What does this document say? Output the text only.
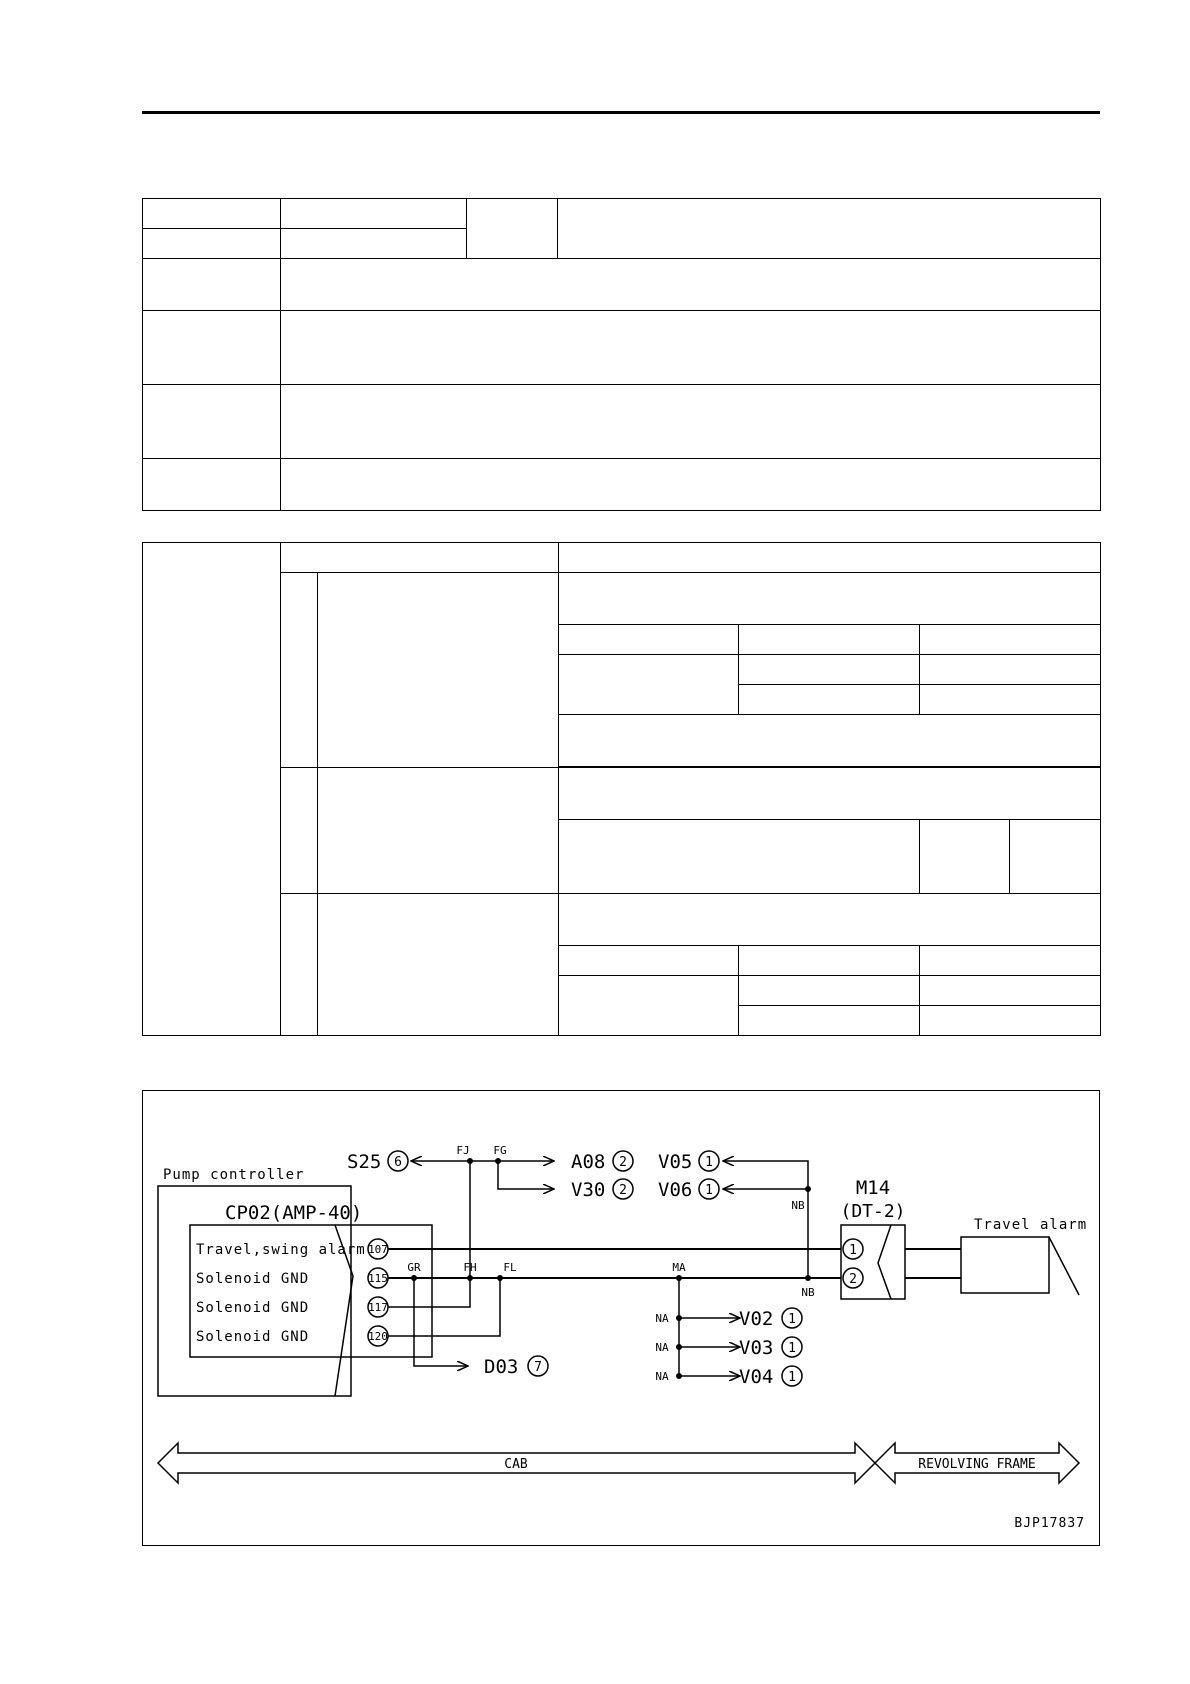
Pump controller
CP02(AMP-40)
Travel,swing alarm
Solenoid GND
Solenoid GND
Solenoid GND
107
115
117
120
FJ FG
GR	FH FL	MA
NB
NB
NA
NA
NA
S25 6	A08 2
V30 2
V05 1
V06 1
D03 7
V02 1
V03 1
V04 1
M14
(DT-2)
1
2
Travel alarm
CAB	REVOLVING FRAME
BJP17837
